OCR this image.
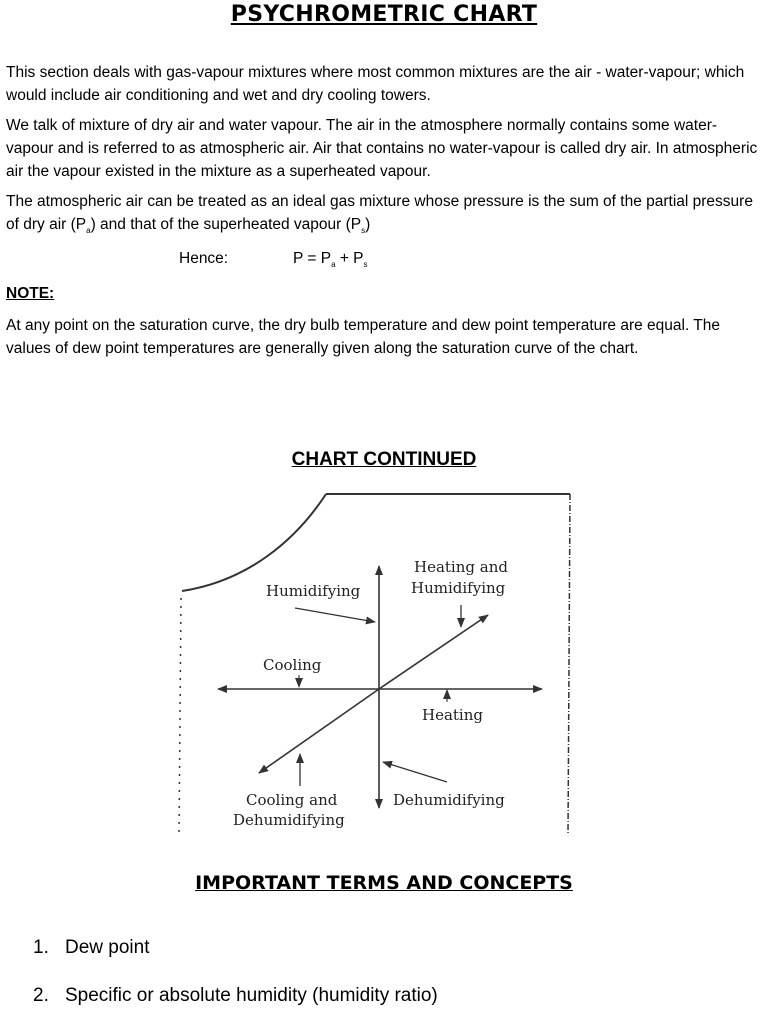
PSYCHROMETRIC CHART
This section deals with gas-vapour mixtures where most common mixtures are the air - water-vapour; which would include air conditioning and wet and dry cooling towers.
We talk of mixture of dry air and water vapour. The air in the atmosphere normally contains some water-vapour and is referred to as atmospheric air. Air that contains no water-vapour is called dry air. In atmospheric air the vapour existed in the mixture as a superheated vapour.
The atmospheric air can be treated as an ideal gas mixture whose pressure is the sum of the partial pressure of dry air $(P_a)$ and that of the superheated vapour $(P_s)$
Hence:	$P = P_a + P_s$
NOTE:
At any point on the saturation curve, the dry bulb temperature and dew point temperature are equal. The values of dew point temperatures are generally given along the saturation curve of the chart.
CHART CONTINUED
Humidifying
Heating and
Humidifying
Cooling
Heating
Cooling and
Dehumidifying
Dehumidifying
IMPORTANT TERMS AND CONCEPTS
1. Dew point
2. Specific or absolute humidity (humidity ratio)
